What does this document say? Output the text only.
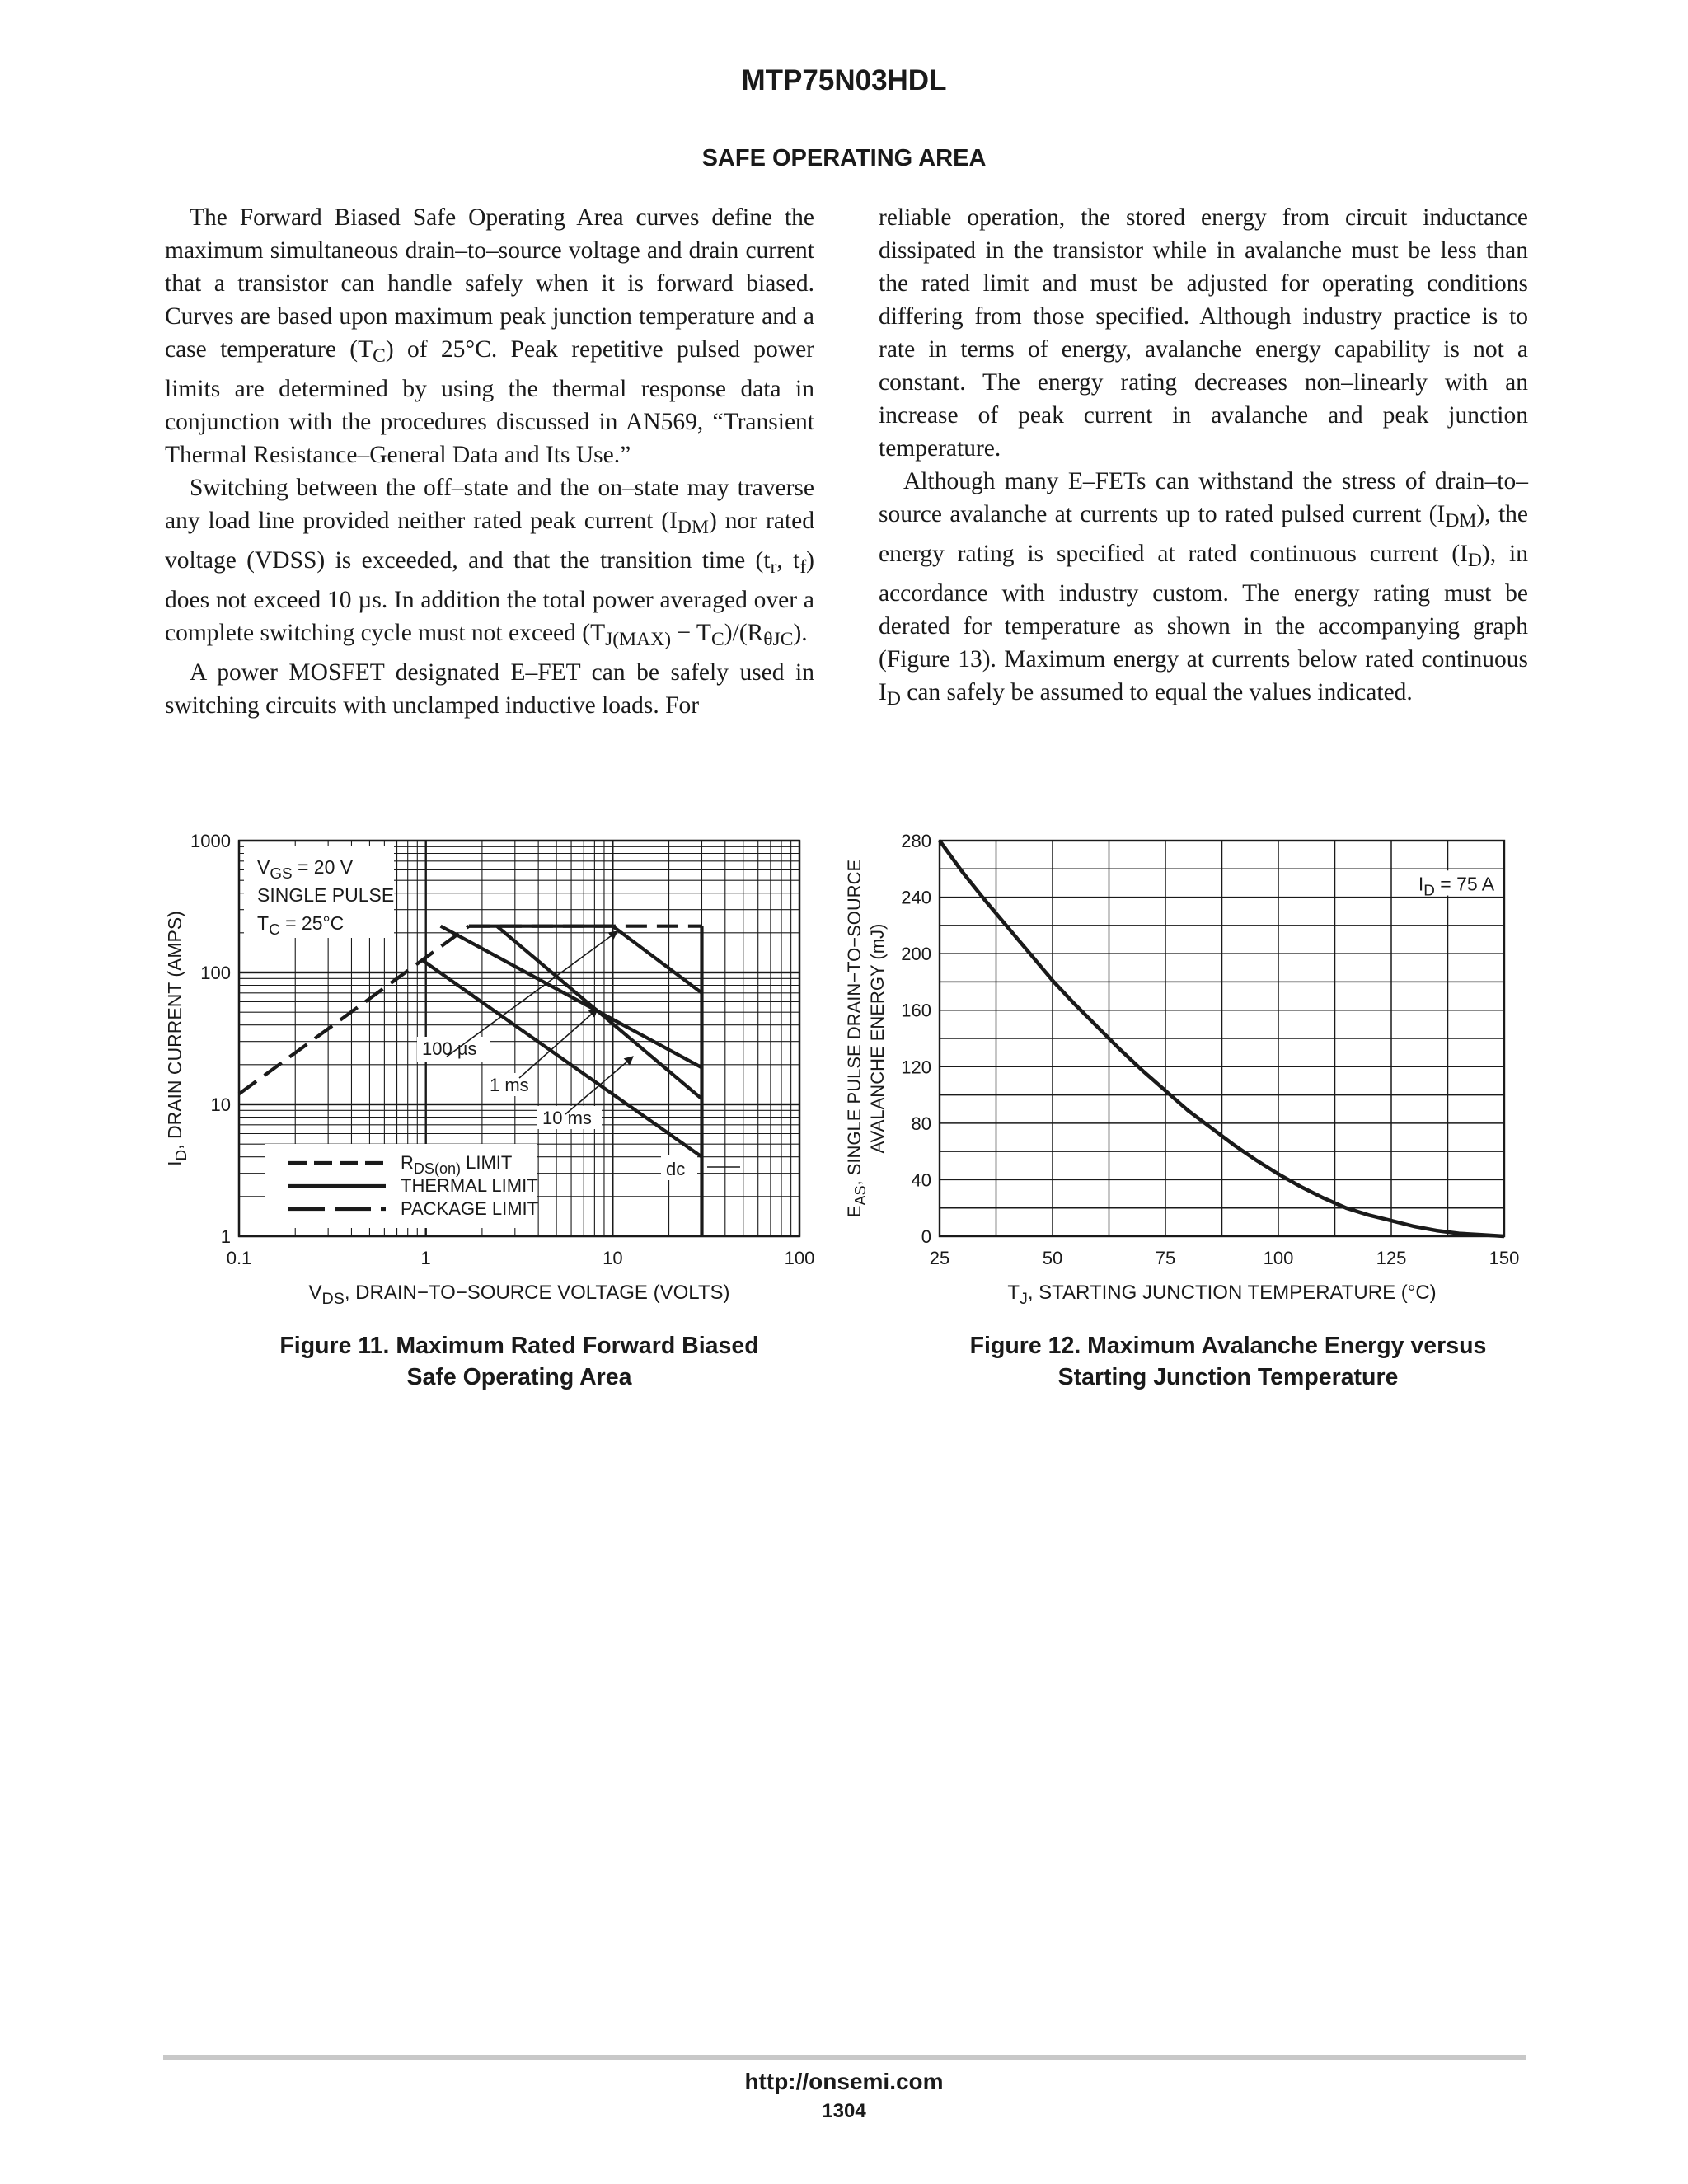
MTP75N03HDL
SAFE OPERATING AREA

The Forward Biased Safe Operating Area curves define the maximum simultaneous drain–to–source voltage and drain current that a transistor can handle safely when it is forward biased. Curves are based upon maximum peak junction temperature and a case temperature $(T_C)$ of 25°C. Peak repetitive pulsed power limits are determined by using the thermal response data in conjunction with the procedures discussed in AN569, “Transient Thermal Resistance–General Data and Its Use.”

Switching between the off–state and the on–state may traverse any load line provided neither rated peak current $(I_{DM})$ nor rated voltage (VDSS) is exceeded, and that the transition time ($t_r$, $t_f$) does not exceed 10 µs. In addition the total power averaged over a complete switching cycle must not exceed $(T_{J(MAX)} - T_C)/(R_{\theta JC})$.

A power MOSFET designated E–FET can be safely used in switching circuits with unclamped inductive loads. For

reliable operation, the stored energy from circuit inductance dissipated in the transistor while in avalanche must be less than the rated limit and must be adjusted for operating conditions differing from those specified. Although industry practice is to rate in terms of energy, avalanche energy capability is not a constant. The energy rating decreases non–linearly with an increase of peak current in avalanche and peak junction temperature.

Although many E–FETs can withstand the stress of drain–to–source avalanche at currents up to rated pulsed current $(I_{DM})$, the energy rating is specified at rated continuous current $(I_D)$, in accordance with industry custom. The energy rating must be derated for temperature as shown in the accompanying graph (Figure 13). Maximum energy at currents below rated continuous $I_D$ can safely be assumed to equal the values indicated.

0.1	1	10	100
1
10
100
1000
$V_{DS}$, DRAIN−TO−SOURCE VOLTAGE (VOLTS)
$I_D$, DRAIN CURRENT (AMPS)
$V_{GS} = 20$ V
SINGLE PULSE
$T_C = 25^\circ C$
$R_{DS(on)}$ LIMIT
THERMAL LIMIT
PACKAGE LIMIT
100 µs
1 ms
10 ms
dc
25	50	75	100	125	150
0
40
80
120
160
200
240
280
$T_J$, STARTING JUNCTION TEMPERATURE (°C)
$E_{AS}$, SINGLE PULSE DRAIN−TO−SOURCE AVALANCHE ENERGY (mJ)
$I_D = 75$ A
Figure 11. Maximum Rated Forward Biased
Safe Operating Area
Figure 12. Maximum Avalanche Energy versus
Starting Junction Temperature
http://onsemi.com
1304
